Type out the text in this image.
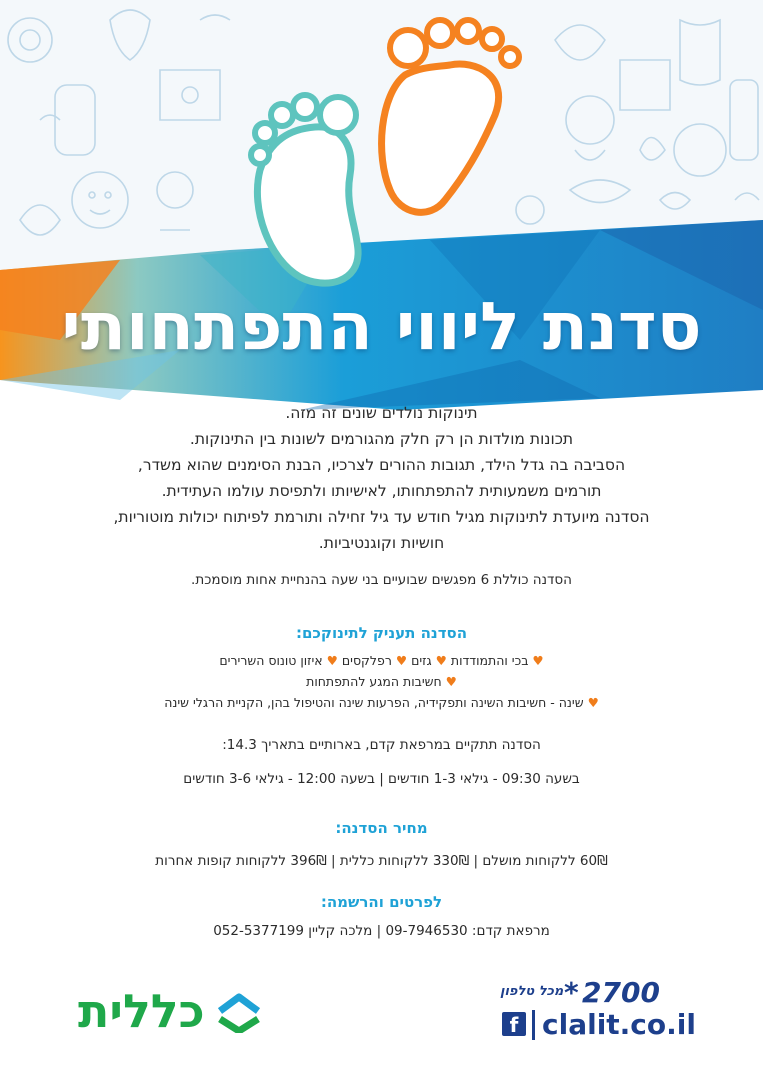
סדנת ליווי התפתחותי

תינוקות נולדים שונים זה מזה.

תכונות מולדות הן רק חלק מהגורמים לשונות בין התינוקות.

הסביבה בה גדל הילד, תגובות ההורים לצרכיו, הבנת הסימנים שהוא משדר,

תורמים משמעותית להתפתחותו, לאישיותו ולתפיסת עולמו העתידית.

הסדנה מיועדת לתינוקות מגיל חודש עד גיל זחילה ותורמת לפיתוח יכולות מוטוריות,

חושיות וקוגנטיביות.

הסדנה כוללת 6 מפגשים שבועיים בני שעה בהנחיית אחות מוסמכת.

הסדנה תעניק לתינוקכם:

♥ בכי והתמודדות ♥ גזים ♥ רפלקסים ♥ איזון טונוס השרירים

♥ חשיבות המגע להתפתחות

♥ שינה - חשיבות השינה ותפקידיה, הפרעות שינה והטיפול בהן, הקניית הרגלי שינה

הסדנה תתקיים במרפאת קדם, בארותיים בתאריך 14.3:

בשעה 09:30 - גילאי 1-3 חודשים | בשעה 12:00 - גילאי 3-6 חודשים

מחיר הסדנה:

60₪ ללקוחות מושלם | 330₪ ללקוחות כללית | 396₪ ללקוחות קופות אחרות

לפרטים והרשמה:

מרפאת קדם: 09-7946530 | מלכה קליין 052-5377199

כללית	מכל טלפון * 2700
f clalit.co.il
